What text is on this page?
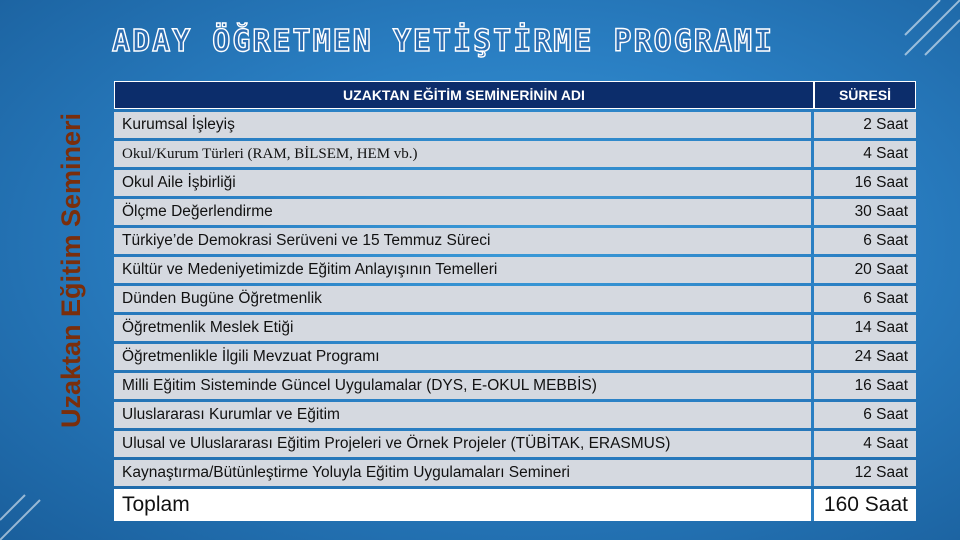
Uzaktan Eğitim Semineri
ADAY ÖĞRETMEN YETİŞTİRME PROGRAMI
UZAKTAN EĞİTİM SEMİNERİNİN ADI	SÜRESİ
Kurumsal İşleyiş	2 Saat
Okul/Kurum Türleri (RAM, BİLSEM, HEM vb.)	4 Saat
Okul Aile İşbirliği	16 Saat
Ölçme Değerlendirme	30 Saat
Türkiye’de Demokrasi Serüveni ve 15 Temmuz Süreci	6 Saat
Kültür ve Medeniyetimizde Eğitim Anlayışının Temelleri	20 Saat
Dünden Bugüne Öğretmenlik	6 Saat
Öğretmenlik Meslek Etiği	14 Saat
Öğretmenlikle İlgili Mevzuat Programı	24 Saat
Milli Eğitim Sisteminde Güncel Uygulamalar (DYS, E-OKUL MEBBİS)	16 Saat
Uluslararası Kurumlar ve Eğitim	6 Saat
Ulusal ve Uluslararası Eğitim Projeleri ve Örnek Projeler (TÜBİTAK, ERASMUS)	4 Saat
Kaynaştırma/Bütünleştirme Yoluyla Eğitim Uygulamaları Semineri	12 Saat
Toplam	160 Saat
